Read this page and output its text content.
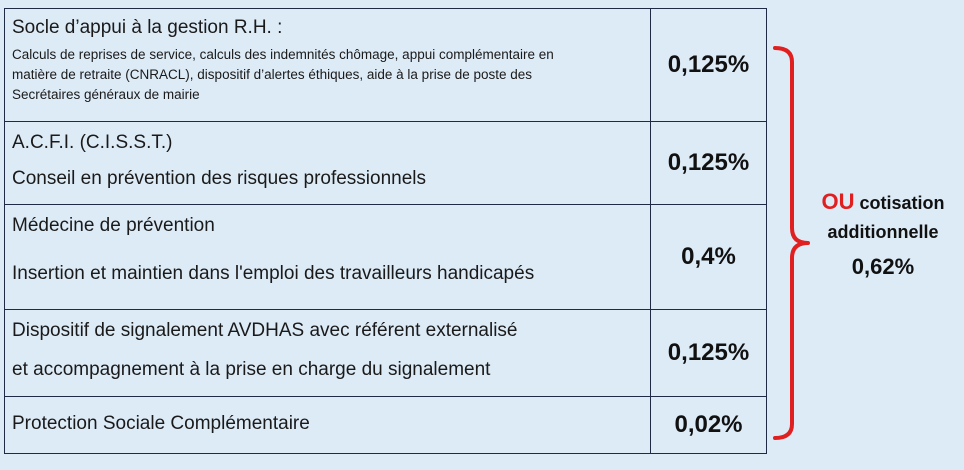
Socle d’appui à la gestion R.H. :
Calculs de reprises de service, calculs des indemnités chômage, appui complémentaire en
matière de retraite (CNRACL), dispositif d’alertes éthiques, aide à la prise de poste des
Secrétaires généraux de mairie	0,125%

A.C.F.I. (C.I.S.S.T.)
Conseil en prévention des risques professionnels	0,125%

Médecine de prévention
Insertion et maintien dans l'emploi des travailleurs handicapés	0,4%

Dispositif de signalement AVDHAS avec référent externalisé
et accompagnement à la prise en charge du signalement	0,125%

Protection Sociale Complémentaire	0,02%
OU cotisation
additionnelle
0,62%
